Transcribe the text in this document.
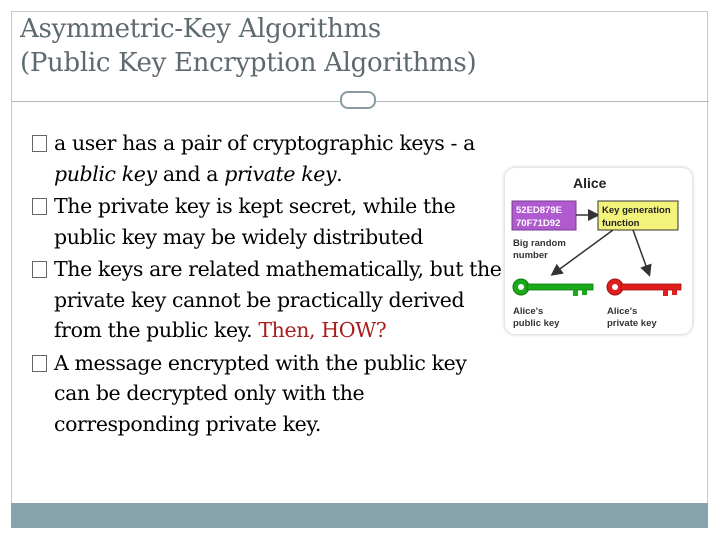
Asymmetric-Key Algorithms
(Public Key Encryption Algorithms)
a user has a pair of cryptographic keys - a public key and a private key.
The private key is kept secret, while the public key may be widely distributed
The keys are related mathematically, but the private key cannot be practically derived from the public key. Then, HOW?
A message encrypted with the public key can be decrypted only with the corresponding private key.
Alice
52ED879E
70F71D92
Big random
number
Key generation
function
Alice's
public key
Alice's
private key
